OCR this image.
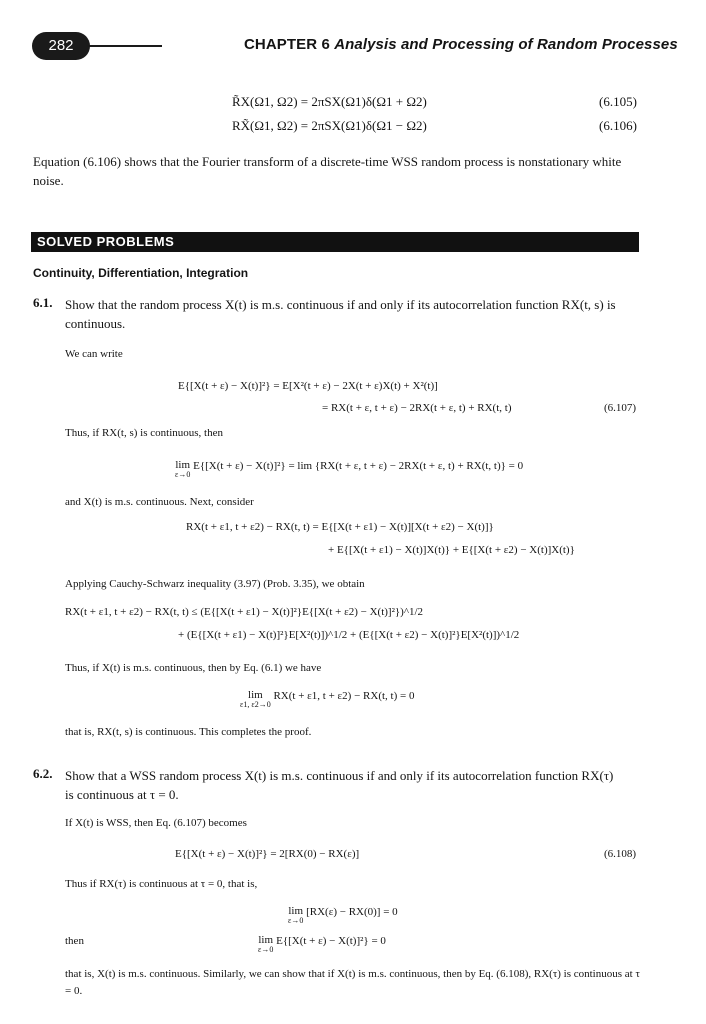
282	CHAPTER 6 Analysis and Processing of Random Processes
R̃X(Ω1, Ω2) = 2πSX(Ω1)δ(Ω1 + Ω2)	(6.105)
RX̃(Ω1, Ω2) = 2πSX(Ω1)δ(Ω1 − Ω2)	(6.106)

Equation (6.106) shows that the Fourier transform of a discrete-time WSS random process is nonstationary white noise.

SOLVED PROBLEMS
Continuity, Differentiation, Integration
6.1. Show that the random process X(t) is m.s. continuous if and only if its autocorrelation function RX(t, s) is continuous.

We can write
E{[X(t + ε) − X(t)]²} = E[X²(t + ε) − 2X(t + ε)X(t) + X²(t)]
= RX(t + ε, t + ε) − 2RX(t + ε, t) + RX(t, t)	(6.107)
Thus, if RX(t, s) is continuous, then
lim
ε→0
E{[X(t + ε) − X(t)]²} = lim {RX(t + ε, t + ε) − 2RX(t + ε, t) + RX(t, t)} = 0
and X(t) is m.s. continuous. Next, consider
RX(t + ε1, t + ε2) − RX(t, t) = E{[X(t + ε1) − X(t)][X(t + ε2) − X(t)]}
+ E{[X(t + ε1) − X(t)]X(t)} + E{[X(t + ε2) − X(t)]X(t)}
Applying Cauchy-Schwarz inequality (3.97) (Prob. 3.35), we obtain
RX(t + ε1, t + ε2) − RX(t, t) ≤ (E{[X(t + ε1) − X(t)]²}E{[X(t + ε2) − X(t)]²})^1/2
+ (E{[X(t + ε1) − X(t)]²}E[X²(t)])^1/2 + (E{[X(t + ε2) − X(t)]²}E[X²(t)])^1/2
Thus, if X(t) is m.s. continuous, then by Eq. (6.1) we have
lim
ε1, ε2→0
RX(t + ε1, t + ε2) − RX(t, t) = 0
that is, RX(t, s) is continuous. This completes the proof.
6.2. Show that a WSS random process X(t) is m.s. continuous if and only if its autocorrelation function RX(τ) is continuous at τ = 0.

If X(t) is WSS, then Eq. (6.107) becomes
E{[X(t + ε) − X(t)]²} = 2[RX(0) − RX(ε)]	(6.108)
Thus if RX(τ) is continuous at τ = 0, that is,
lim
ε→0
[RX(ε) − RX(0)] = 0
then	lim
ε→0
E{[X(t + ε) − X(t)]²} = 0

that is, X(t) is m.s. continuous. Similarly, we can show that if X(t) is m.s. continuous, then by Eq. (6.108), RX(τ) is continuous at τ = 0.
